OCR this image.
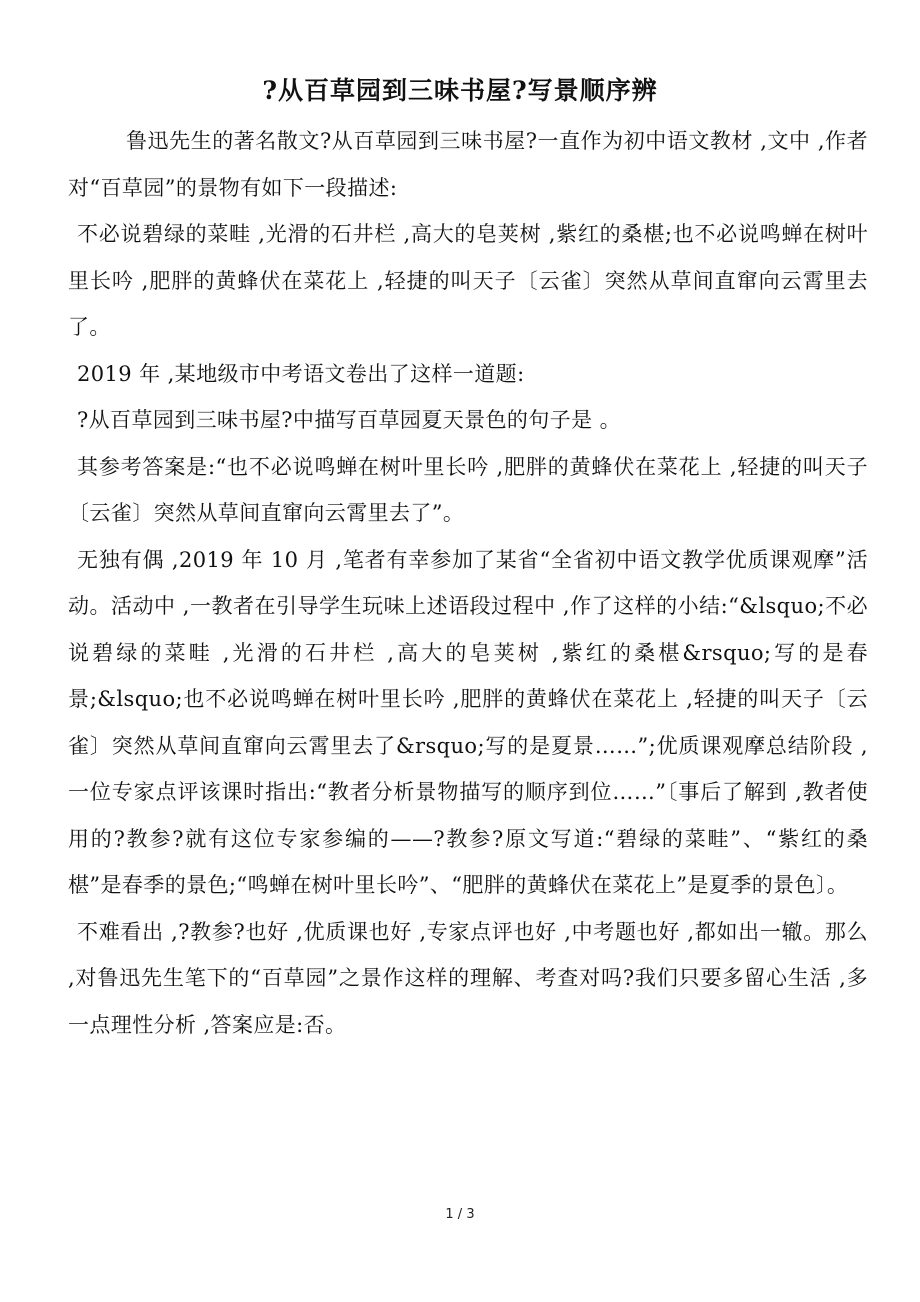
?从百草园到三味书屋?写景顺序辨

鲁迅先生的著名散文?从百草园到三味书屋?一直作为初中语文教材 ,文中 ,作者对“百草园”的景物有如下一段描述:

不必说碧绿的菜畦 ,光滑的石井栏 ,高大的皂荚树 ,紫红的桑椹;也不必说鸣蝉在树叶里长吟 ,肥胖的黄蜂伏在菜花上 ,轻捷的叫天子〔云雀〕突然从草间直窜向云霄里去了。

2019 年 ,某地级市中考语文卷出了这样一道题:

?从百草园到三味书屋?中描写百草园夏天景色的句子是 。

其参考答案是:“也不必说鸣蝉在树叶里长吟 ,肥胖的黄蜂伏在菜花上 ,轻捷的叫天子〔云雀〕突然从草间直窜向云霄里去了”。

无独有偶 ,2019 年 10 月 ,笔者有幸参加了某省“全省初中语文教学优质课观摩”活动。活动中 ,一教者在引导学生玩味上述语段过程中 ,作了这样的小结:“&lsquo;不必说碧绿的菜畦 ,光滑的石井栏 ,高大的皂荚树 ,紫红的桑椹&rsquo;写的是春景;&lsquo;也不必说鸣蝉在树叶里长吟 ,肥胖的黄蜂伏在菜花上 ,轻捷的叫天子〔云雀〕突然从草间直窜向云霄里去了&rsquo;写的是夏景……”;优质课观摩总结阶段 ,一位专家点评该课时指出:“教者分析景物描写的顺序到位……”〔事后了解到 ,教者使用的?教参?就有这位专家参编的——?教参?原文写道:“碧绿的菜畦”、“紫红的桑椹”是春季的景色;“鸣蝉在树叶里长吟”、“肥胖的黄蜂伏在菜花上”是夏季的景色〕。

不难看出 ,?教参?也好 ,优质课也好 ,专家点评也好 ,中考题也好 ,都如出一辙。那么 ,对鲁迅先生笔下的“百草园”之景作这样的理解、考查对吗?我们只要多留心生活 ,多一点理性分析 ,答案应是:否。

1 / 3
